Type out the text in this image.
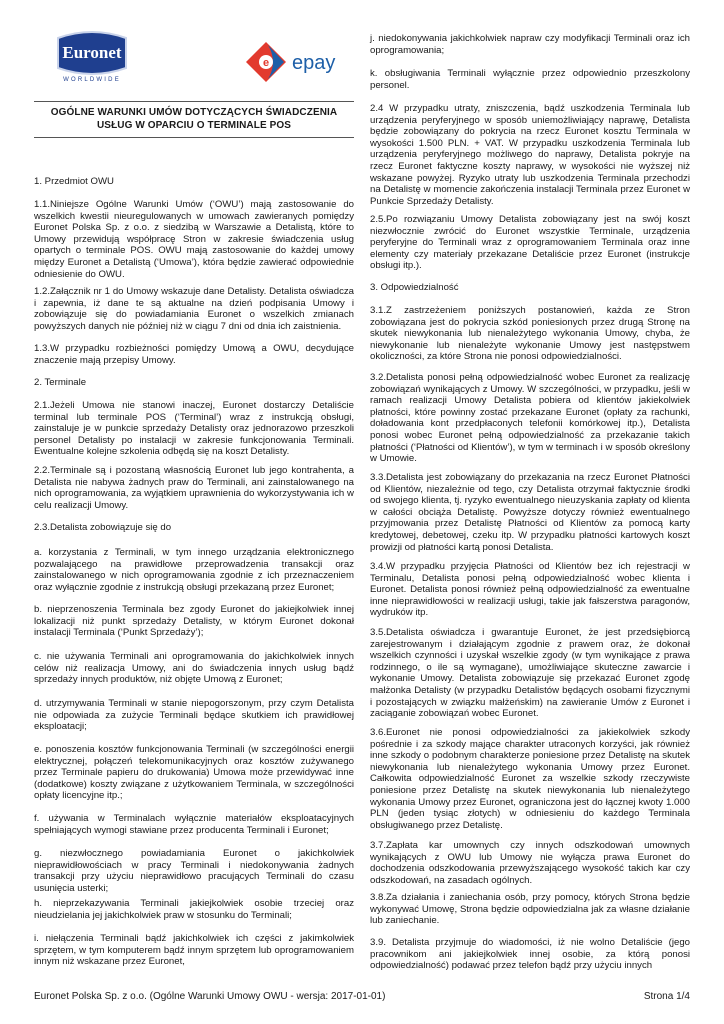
Euronet
WORLDWIDE
e epay
OGÓLNE WARUNKI UMÓW DOTYCZĄCYCH ŚWIADCZENIA
USŁUG W OPARCIU O TERMINALE POS

1. Przedmiot OWU

1.1.Niniejsze Ogólne Warunki Umów (‘OWU’) mają zastosowanie do wszelkich kwestii nieuregulowanych w umowach zawieranych pomiędzy Euronet Polska Sp. z o.o. z siedzibą w Warszawie a Detalistą, które to Umowy przewidują współpracę Stron w zakresie świadczenia usług opartych o terminale POS. OWU mają zastosowanie do każdej umowy między Euronet a Detalistą (‘Umowa’), która będzie zawierać odpowiednie odniesienie do OWU.

1.2.Załącznik nr 1 do Umowy wskazuje dane Detalisty. Detalista oświadcza i zapewnia, iż dane te są aktualne na dzień podpisania Umowy i zobowiązuje się do powiadamiania Euronet o wszelkich zmianach powyższych danych nie później niż w ciągu 7 dni od dnia ich zaistnienia.

1.3.W przypadku rozbieżności pomiędzy Umową a OWU, decydujące znaczenie mają przepisy Umowy.

2. Terminale

2.1.Jeżeli Umowa nie stanowi inaczej, Euronet dostarczy Detaliście terminal lub terminale POS (‘Terminal’) wraz z instrukcją obsługi, zainstaluje je w punkcie sprzedaży Detalisty oraz jednorazowo przeszkoli personel Detalisty po instalacji w zakresie funkcjonowania Terminali. Ewentualne kolejne szkolenia odbędą się na koszt Detalisty.

2.2.Terminale są i pozostaną własnością Euronet lub jego kontrahenta, a Detalista nie nabywa żadnych praw do Terminali, ani zainstalowanego na nich oprogramowania, za wyjątkiem uprawnienia do wykorzystywania ich w celu realizacji Umowy.

2.3.Detalista zobowiązuje się do

a. korzystania z Terminali, w tym innego urządzania elektronicznego pozwalającego na prawidłowe przeprowadzenia transakcji oraz zainstalowanego w nich oprogramowania zgodnie z ich przeznaczeniem oraz wyłącznie zgodnie z instrukcją obsługi przekazaną przez Euronet;

b. nieprzenoszenia Terminala bez zgody Euronet do jakiejkolwiek innej lokalizacji niż punkt sprzedaży Detalisty, w którym Euronet dokonał instalacji Terminala (‘Punkt Sprzedaży’);

c. nie używania Terminali ani oprogramowania do jakichkolwiek innych celów niż realizacja Umowy, ani do świadczenia innych usług bądź sprzedaży innych produktów, niż objęte Umową z Euronet;

d. utrzymywania Terminali w stanie niepogorszonym, przy czym Detalista nie odpowiada za zużycie Terminali będące skutkiem ich prawidłowej eksploatacji;

e. ponoszenia kosztów funkcjonowania Terminali (w szczególności energii elektrycznej, połączeń telekomunikacyjnych oraz kosztów zużywanego przez Terminale papieru do drukowania) Umowa może przewidywać inne (dodatkowe) koszty związane z użytkowaniem Terminala, w szczególności opłaty licencyjne itp.;

f. używania w Terminalach wyłącznie materiałów eksploatacyjnych spełniających wymogi stawiane przez producenta Terminali i Euronet;

g. niezwłocznego powiadamiania Euronet o jakichkolwiek nieprawidłowościach w pracy Terminali i niedokonywania żadnych transakcji przy użyciu nieprawidłowo pracujących Terminali do czasu usunięcia usterki;

h. nieprzekazywania Terminali jakiejkolwiek osobie trzeciej oraz nieudzielania jej jakichkolwiek praw w stosunku do Terminali;

i. niełączenia Terminali bądź jakichkolwiek ich części z jakimkolwiek sprzętem, w tym komputerem bądź innym sprzętem lub oprogramowaniem innym niż wskazane przez Euronet,

j. niedokonywania jakichkolwiek napraw czy modyfikacji Terminali oraz ich oprogramowania;

k. obsługiwania Terminali wyłącznie przez odpowiednio przeszkolony personel.

2.4 W przypadku utraty, zniszczenia, bądź uszkodzenia Terminala lub urządzenia peryferyjnego w sposób uniemożliwiający naprawę, Detalista będzie zobowiązany do pokrycia na rzecz Euronet kosztu Terminala w wysokości 1.500 PLN. + VAT. W przypadku uszkodzenia Terminala lub urządzenia peryferyjnego możliwego do naprawy, Detalista pokryje na rzecz Euronet faktyczne koszty naprawy, w wysokości nie wyższej niż wskazane powyżej. Ryzyko utraty lub uszkodzenia Terminala przechodzi na Detalistę w momencie zakończenia instalacji Terminala przez Euronet w Punkcie Sprzedaży Detalisty.

2.5.Po rozwiązaniu Umowy Detalista zobowiązany jest na swój koszt niezwłocznie zwrócić do Euronet wszystkie Terminale, urządzenia peryferyjne do Terminali wraz z oprogramowaniem Terminala oraz inne elementy czy materiały przekazane Detaliście przez Euronet (instrukcje obsługi itp.).

3. Odpowiedzialność

3.1.Z zastrzeżeniem poniższych postanowień, każda ze Stron zobowiązana jest do pokrycia szkód poniesionych przez drugą Stronę na skutek niewykonania lub nienależytego wykonania Umowy, chyba, że niewykonanie lub nienależyte wykonanie Umowy jest następstwem okoliczności, za które Strona nie ponosi odpowiedzialności.

3.2.Detalista ponosi pełną odpowiedzialność wobec Euronet za realizację zobowiązań wynikających z Umowy. W szczególności, w przypadku, jeśli w ramach realizacji Umowy Detalista pobiera od klientów jakiekolwiek płatności, które powinny zostać przekazane Euronet (opłaty za rachunki, doładowania kont przedpłaconych telefonii komórkowej itp.), Detalista ponosi wobec Euronet pełną odpowiedzialność za przekazanie takich płatności (‘Płatności od Klientów’), w tym w terminach i w sposób określony w Umowie.

3.3.Detalista jest zobowiązany do przekazania na rzecz Euronet Płatności od Klientów, niezależnie od tego, czy Detalista otrzymał faktycznie środki od swojego klienta, tj. ryzyko ewentualnego nieuzyskania zapłaty od klienta w całości obciąża Detalistę. Powyższe dotyczy również ewentualnego przyjmowania przez Detalistę Płatności od Klientów za pomocą karty kredytowej, debetowej, czeku itp. W przypadku płatności kartowych koszt prowizji od płatności kartą ponosi Detalista.

3.4.W przypadku przyjęcia Płatności od Klientów bez ich rejestracji w Terminalu, Detalista ponosi pełną odpowiedzialność wobec klienta i Euronet. Detalista ponosi również pełną odpowiedzialność za ewentualne inne nieprawidłowości w realizacji usługi, takie jak fałszerstwa paragonów, wydruków itp.

3.5.Detalista oświadcza i gwarantuje Euronet, że jest przedsiębiorcą zarejestrowanym i działającym zgodnie z prawem oraz, że dokonał wszelkich czynności i uzyskał wszelkie zgody (w tym wynikające z prawa rodzinnego, o ile są wymagane), umożliwiające skuteczne zawarcie i wykonanie Umowy. Detalista zobowiązuje się przekazać Euronet zgodę małżonka Detalisty (w przypadku Detalistów będących osobami fizycznymi i pozostających w związku małżeńskim) na zawieranie Umów z Euronet i zaciąganie zobowiązań wobec Euronet.

3.6.Euronet nie ponosi odpowiedzialności za jakiekolwiek szkody pośrednie i za szkody mające charakter utraconych korzyści, jak również inne szkody o podobnym charakterze poniesione przez Detalistę na skutek niewykonania lub nienależytego wykonania Umowy przez Euronet. Całkowita odpowiedzialność Euronet za wszelkie szkody rzeczywiste poniesione przez Detalistę na skutek niewykonania lub nienależytego wykonania Umowy przez Euronet, ograniczona jest do łącznej kwoty 1.000 PLN (jeden tysiąc złotych) w odniesieniu do każdego Terminala obsługiwanego przez Detalistę.

3.7.Zapłata kar umownych czy innych odszkodowań umownych wynikających z OWU lub Umowy nie wyłącza prawa Euronet do dochodzenia odszkodowania przewyższającego wysokość takich kar czy odszkodowań, na zasadach ogólnych.

3.8.Za działania i zaniechania osób, przy pomocy, których Strona będzie wykonywać Umowę, Strona będzie odpowiedzialna jak za własne działanie lub zaniechanie.

3.9. Detalista przyjmuje do wiadomości, iż nie wolno Detaliście (jego pracownikom ani jakiejkolwiek innej osobie, za którą ponosi odpowiedzialność) podawać przez telefon bądź przy użyciu innych

Euronet Polska Sp. z o.o. (Ogólne Warunki Umowy OWU - wersja: 2017-01-01)	Strona 1/4
